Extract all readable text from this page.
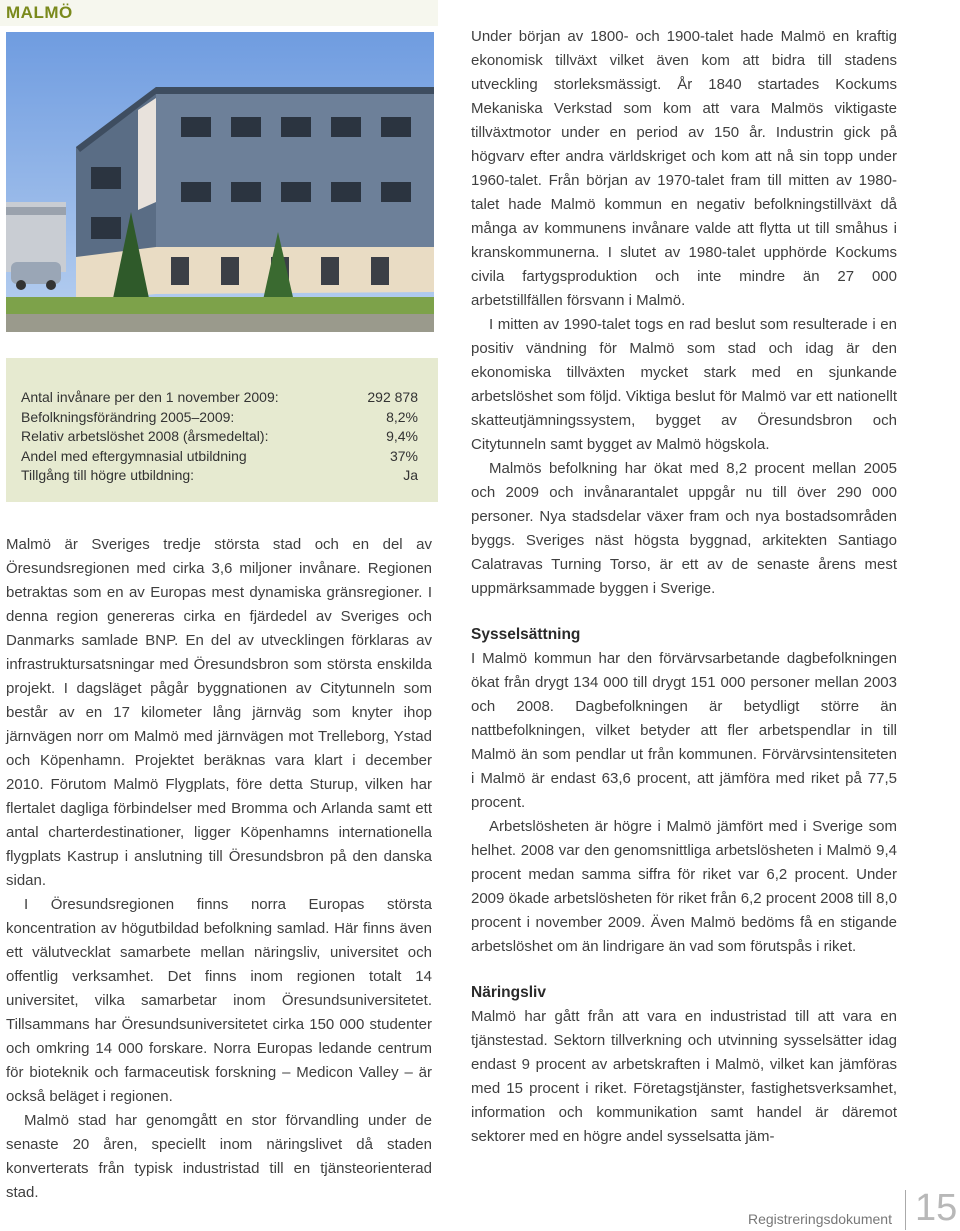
MALMÖ
Antal invånare per den 1 november 2009:	292 878
Befolkningsförändring 2005–2009:	8,2%
Relativ arbetslöshet 2008 (årsmedeltal):	9,4%
Andel med eftergymnasial utbildning	37%
Tillgång till högre utbildning:	Ja

Malmö är Sveriges tredje största stad och en del av Öresundsregionen med cirka 3,6 miljoner invånare. Regionen betraktas som en av Europas mest dynamiska gränsregioner. I denna region genereras cirka en fjärdedel av Sveriges och Danmarks samlade BNP. En del av utvecklingen förklaras av infrastruktursatsningar med Öresundsbron som största enskilda projekt. I dagsläget pågår byggnationen av Citytunneln som består av en 17 kilometer lång järnväg som knyter ihop järnvägen norr om Malmö med järnvägen mot Trelleborg, Ystad och Köpenhamn. Projektet beräknas vara klart i december 2010. Förutom Malmö Flygplats, före detta Sturup, vilken har flertalet dagliga förbindelser med Bromma och Arlanda samt ett antal charterdestinationer, ligger Köpenhamns internationella flygplats Kastrup i anslutning till Öresundsbron på den danska sidan.

I Öresundsregionen finns norra Europas största koncentration av högutbildad befolkning samlad. Här finns även ett välutvecklat samarbete mellan näringsliv, universitet och offentlig verksamhet. Det finns inom regionen totalt 14 universitet, vilka samarbetar inom Öresundsuniversitetet. Tillsammans har Öresundsuniversitetet cirka 150 000 studenter och omkring 14 000 forskare. Norra Europas ledande centrum för bioteknik och farmaceutisk forskning – Medicon Valley – är också beläget i regionen.

Malmö stad har genomgått en stor förvandling under de senaste 20 åren, speciellt inom näringslivet då staden konverterats från typisk industristad till en tjänsteorienterad stad.

Under början av 1800- och 1900-talet hade Malmö en kraftig ekonomisk tillväxt vilket även kom att bidra till stadens utveckling storleksmässigt. År 1840 startades Kockums Mekaniska Verkstad som kom att vara Malmös viktigaste tillväxtmotor under en period av 150 år. Industrin gick på högvarv efter andra världskriget och kom att nå sin topp under 1960-talet. Från början av 1970-talet fram till mitten av 1980-talet hade Malmö kommun en negativ befolkningstillväxt då många av kommunens invånare valde att flytta ut till småhus i kranskommunerna. I slutet av 1980-talet upphörde Kockums civila fartygsproduktion och inte mindre än 27 000 arbetstillfällen försvann i Malmö.

I mitten av 1990-talet togs en rad beslut som resulterade i en positiv vändning för Malmö som stad och idag är den ekonomiska tillväxten mycket stark med en sjunkande arbetslöshet som följd. Viktiga beslut för Malmö var ett nationellt skatteutjämningssystem, bygget av Öresundsbron och Citytunneln samt bygget av Malmö högskola.

Malmös befolkning har ökat med 8,2 procent mellan 2005 och 2009 och invånarantalet uppgår nu till över 290 000 personer. Nya stadsdelar växer fram och nya bostadsområden byggs. Sveriges näst högsta byggnad, arkitekten Santiago Calatravas Turning Torso, är ett av de senaste årens mest uppmärksammade byggen i Sverige.

Sysselsättning

I Malmö kommun har den förvärvsarbetande dagbefolkningen ökat från drygt 134 000 till drygt 151 000 personer mellan 2003 och 2008. Dagbefolkningen är betydligt större än nattbefolkningen, vilket betyder att fler arbetspendlar in till Malmö än som pendlar ut från kommunen. Förvärvsintensiteten i Malmö är endast 63,6 procent, att jämföra med riket på 77,5 procent.

Arbetslösheten är högre i Malmö jämfört med i Sverige som helhet. 2008 var den genomsnittliga arbetslösheten i Malmö 9,4 procent medan samma siffra för riket var 6,2 procent. Under 2009 ökade arbetslösheten för riket från 6,2 procent 2008 till 8,0 procent i november 2009. Även Malmö bedöms få en stigande arbetslöshet om än lindrigare än vad som förutspås i riket.

Näringsliv

Malmö har gått från att vara en industristad till att vara en tjänstestad. Sektorn tillverkning och utvinning sysselsätter idag endast 9 procent av arbetskraften i Malmö, vilket kan jämföras med 15 procent i riket. Företagstjänster, fastighetsverksamhet, information och kommunikation samt handel är däremot sektorer med en högre andel sysselsatta jäm-

Registreringsdokument 15
